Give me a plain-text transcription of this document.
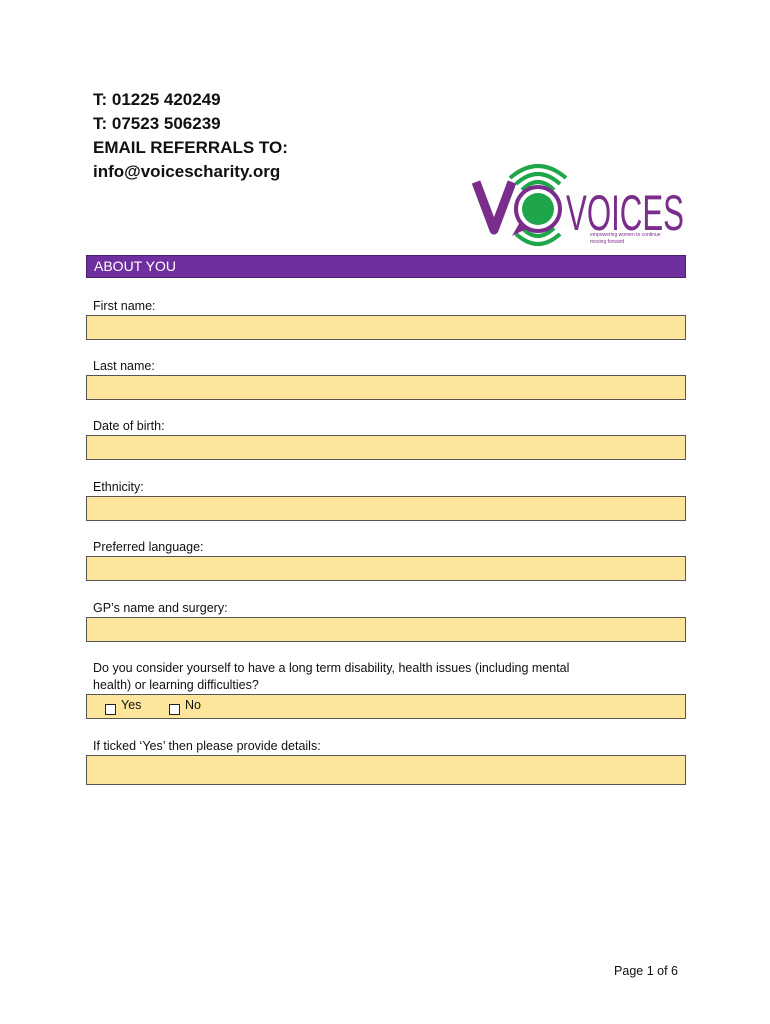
T: 01225 420249
T: 07523 506239
EMAIL REFERRALS TO:
info@voicescharity.org
VOICES
empowering women to continue
moving forward
ABOUT YOU
First name:
Last name:
Date of birth:
Ethnicity:
Preferred language:
GP’s name and surgery:
Do you consider yourself to have a long term disability, health issues (including mental
health) or learning difficulties?
Yes	No
If ticked ‘Yes’ then please provide details:
Page 1 of 6
